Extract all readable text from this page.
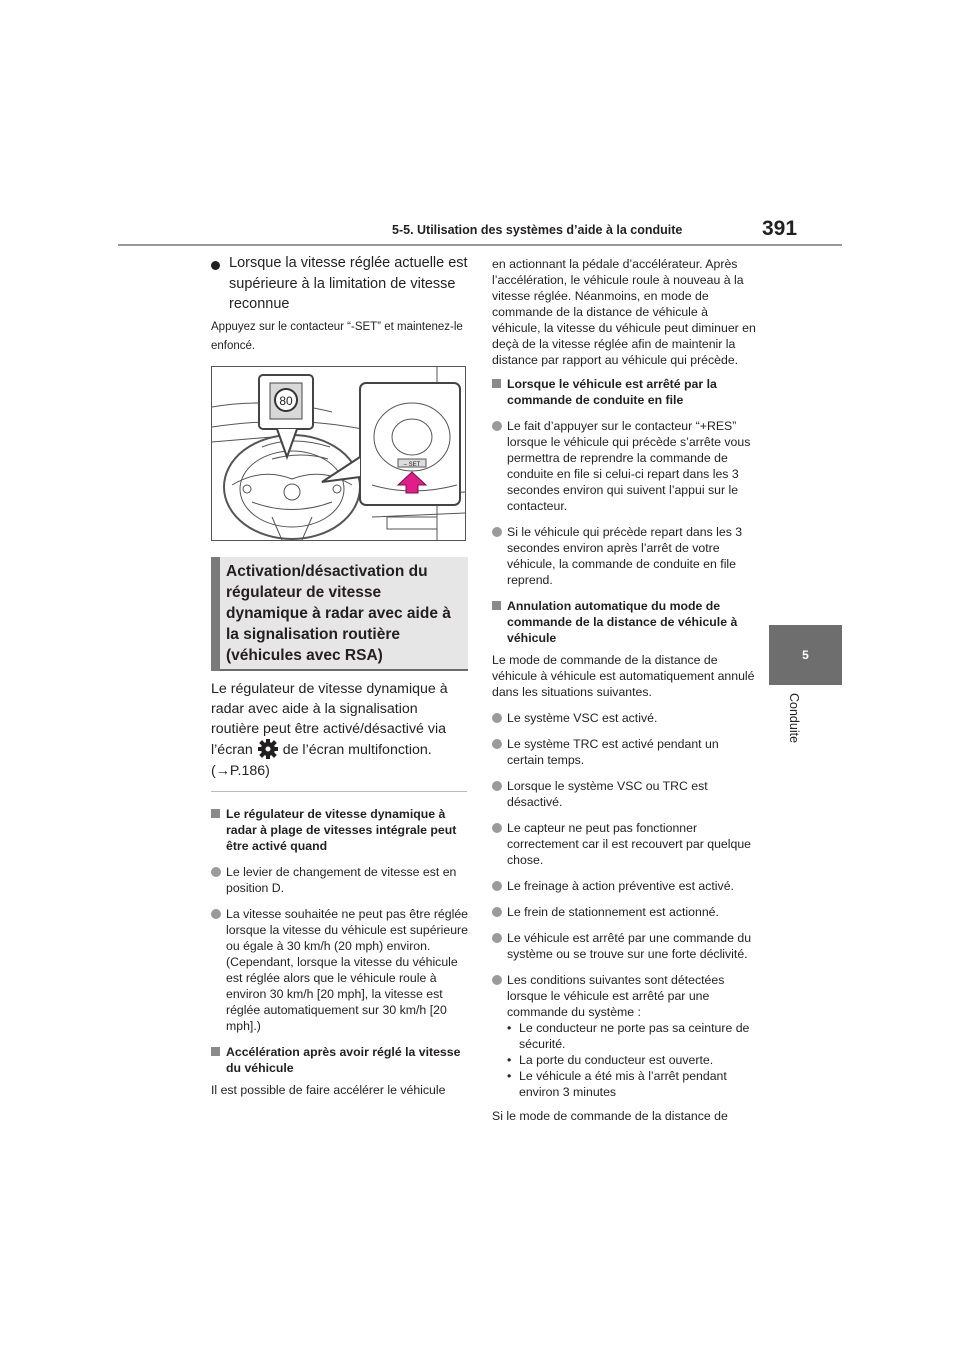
5-5. Utilisation des systèmes d’aide à la conduite	391
5
Conduite
Lorsque la vitesse réglée actuelle est supérieure à la limitation de vitesse reconnue
Appuyez sur le contacteur “-SET” et maintenez-le enfoncé.
80
– SET
Activation/désactivation du régulateur de vitesse dynamique à radar avec aide à la signalisation routière (véhicules avec RSA)
Le régulateur de vitesse dynamique à radar avec aide à la signalisation routière peut être activé/désactivé via l’écran de l’écran multifonction.
(→P.186)
Le régulateur de vitesse dynamique à radar à plage de vitesses intégrale peut être activé quand
Le levier de changement de vitesse est en position D.
La vitesse souhaitée ne peut pas être réglée lorsque la vitesse du véhicule est supérieure ou égale à 30 km/h (20 mph) environ.
(Cependant, lorsque la vitesse du véhicule est réglée alors que le véhicule roule à environ 30 km/h [20 mph], la vitesse est réglée automatiquement sur 30 km/h [20 mph].)
Accélération après avoir réglé la vitesse du véhicule
Il est possible de faire accélérer le véhicule
en actionnant la pédale d’accélérateur. Après l’accélération, le véhicule roule à nouveau à la vitesse réglée. Néanmoins, en mode de commande de la distance de véhicule à véhicule, la vitesse du véhicule peut diminuer en deçà de la vitesse réglée afin de maintenir la distance par rapport au véhicule qui précède.
Lorsque le véhicule est arrêté par la commande de conduite en file
Le fait d’appuyer sur le contacteur “+RES” lorsque le véhicule qui précède s’arrête vous permettra de reprendre la commande de conduite en file si celui-ci repart dans les 3 secondes environ qui suivent l’appui sur le contacteur.
Si le véhicule qui précède repart dans les 3 secondes environ après l’arrêt de votre véhicule, la commande de conduite en file reprend.
Annulation automatique du mode de commande de la distance de véhicule à véhicule
Le mode de commande de la distance de véhicule à véhicule est automatiquement annulé dans les situations suivantes.
Le système VSC est activé.
Le système TRC est activé pendant un certain temps.
Lorsque le système VSC ou TRC est désactivé.
Le capteur ne peut pas fonctionner correctement car il est recouvert par quelque chose.
Le freinage à action préventive est activé.
Le frein de stationnement est actionné.
Le véhicule est arrêté par une commande du système ou se trouve sur une forte déclivité.
Les conditions suivantes sont détectées lorsque le véhicule est arrêté par une commande du système :
• Le conducteur ne porte pas sa ceinture de sécurité.
• La porte du conducteur est ouverte.
• Le véhicule a été mis à l’arrêt pendant environ 3 minutes
Si le mode de commande de la distance de
